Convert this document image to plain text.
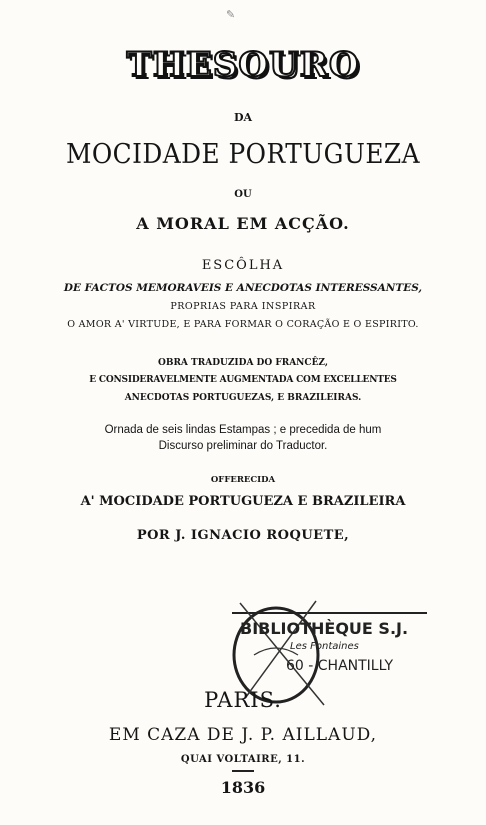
✎
THESOURO
DA
MOCIDADE PORTUGUEZA
OU
A MORAL EM ACÇÃO.
ESCÔLHA
DE FACTOS MEMORAVEIS E ANECDOTAS INTERESSANTES,
PROPRIAS PARA INSPIRAR
O AMOR A' VIRTUDE, E PARA FORMAR O CORAÇÃO E O ESPIRITO.
OBRA TRADUZIDA DO FRANCÊZ,
E CONSIDERAVELMENTE AUGMENTADA COM EXCELLENTES
ANECDOTAS PORTUGUEZAS, E BRAZILEIRAS.
Ornada de seis lindas Estampas ; e precedida de hum
Discurso preliminar do Traductor.
OFFERECIDA
A' MOCIDADE PORTUGUEZA E BRAZILEIRA
POR J. IGNACIO ROQUETE,
BIBLIOTHÈQUE S.J.
Les Fontaines
60 - CHANTILLY
PARIS.
EM CAZA DE J. P. AILLAUD,
QUAI VOLTAIRE, 11.
1836
